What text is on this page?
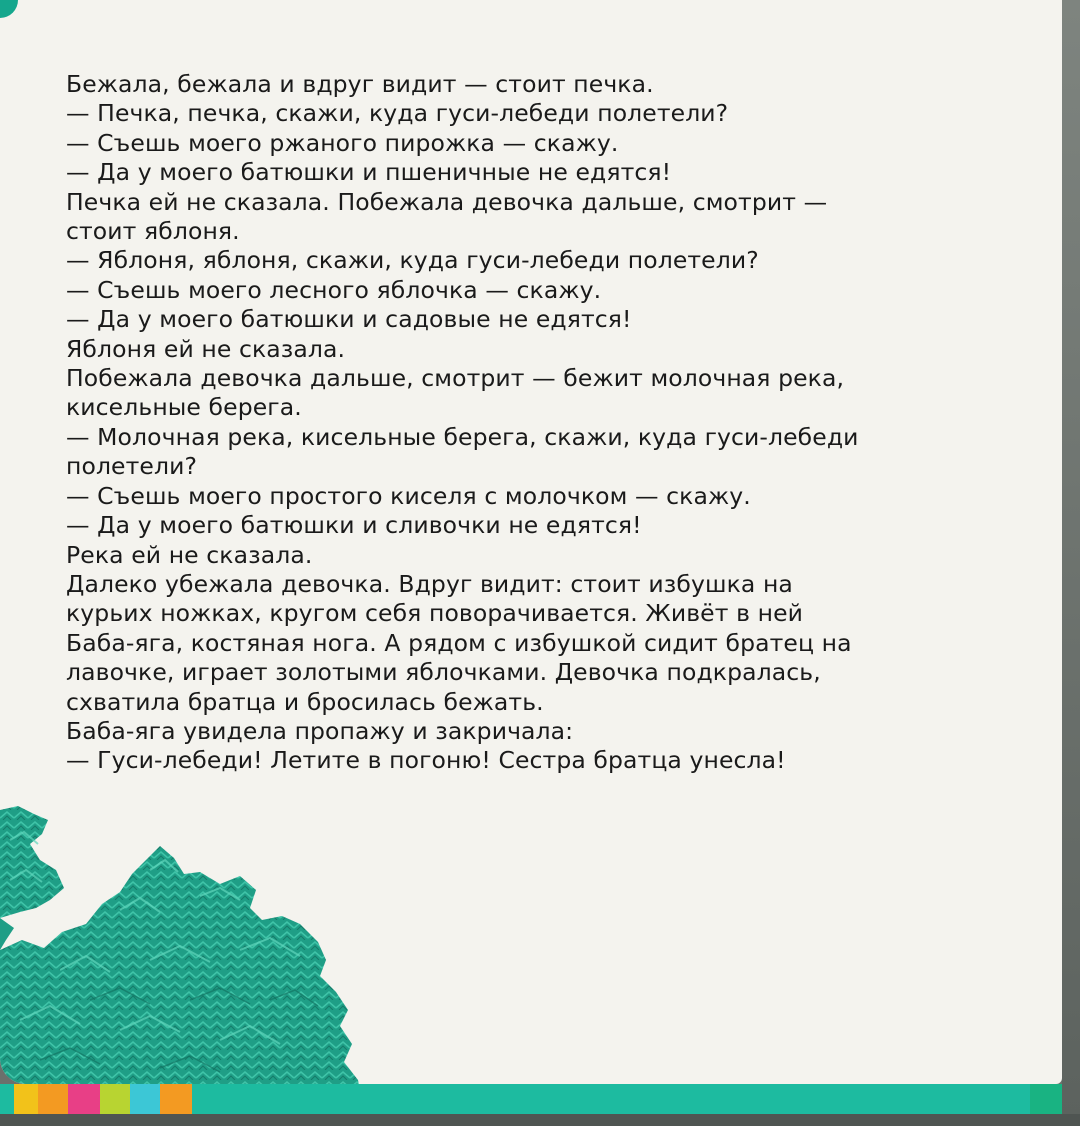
Бежала, бежала и вдруг видит — стоит печка.
— Печка, печка, скажи, куда гуси-лебеди полетели?
— Съешь моего ржаного пирожка — скажу.
— Да у моего батюшки и пшеничные не едятся!
Печка ей не сказала. Побежала девочка дальше, смотрит —
стоит яблоня.
— Яблоня, яблоня, скажи, куда гуси-лебеди полетели?
— Съешь моего лесного яблочка — скажу.
— Да у моего батюшки и садовые не едятся!
Яблоня ей не сказала.
Побежала девочка дальше, смотрит — бежит молочная река,
кисельные берега.
— Молочная река, кисельные берега, скажи, куда гуси-лебеди
полетели?
— Съешь моего простого киселя с молочком — скажу.
— Да у моего батюшки и сливочки не едятся!
Река ей не сказала.
Далеко убежала девочка. Вдруг видит: стоит избушка на
курьих ножках, кругом себя поворачивается. Живёт в ней
Баба-яга, костяная нога. А рядом с избушкой сидит братец на
лавочке, играет золотыми яблочками. Девочка подкралась,
схватила братца и бросилась бежать.
Баба-яга увидела пропажу и закричала:
— Гуси-лебеди! Летите в погоню! Сестра братца унесла!
